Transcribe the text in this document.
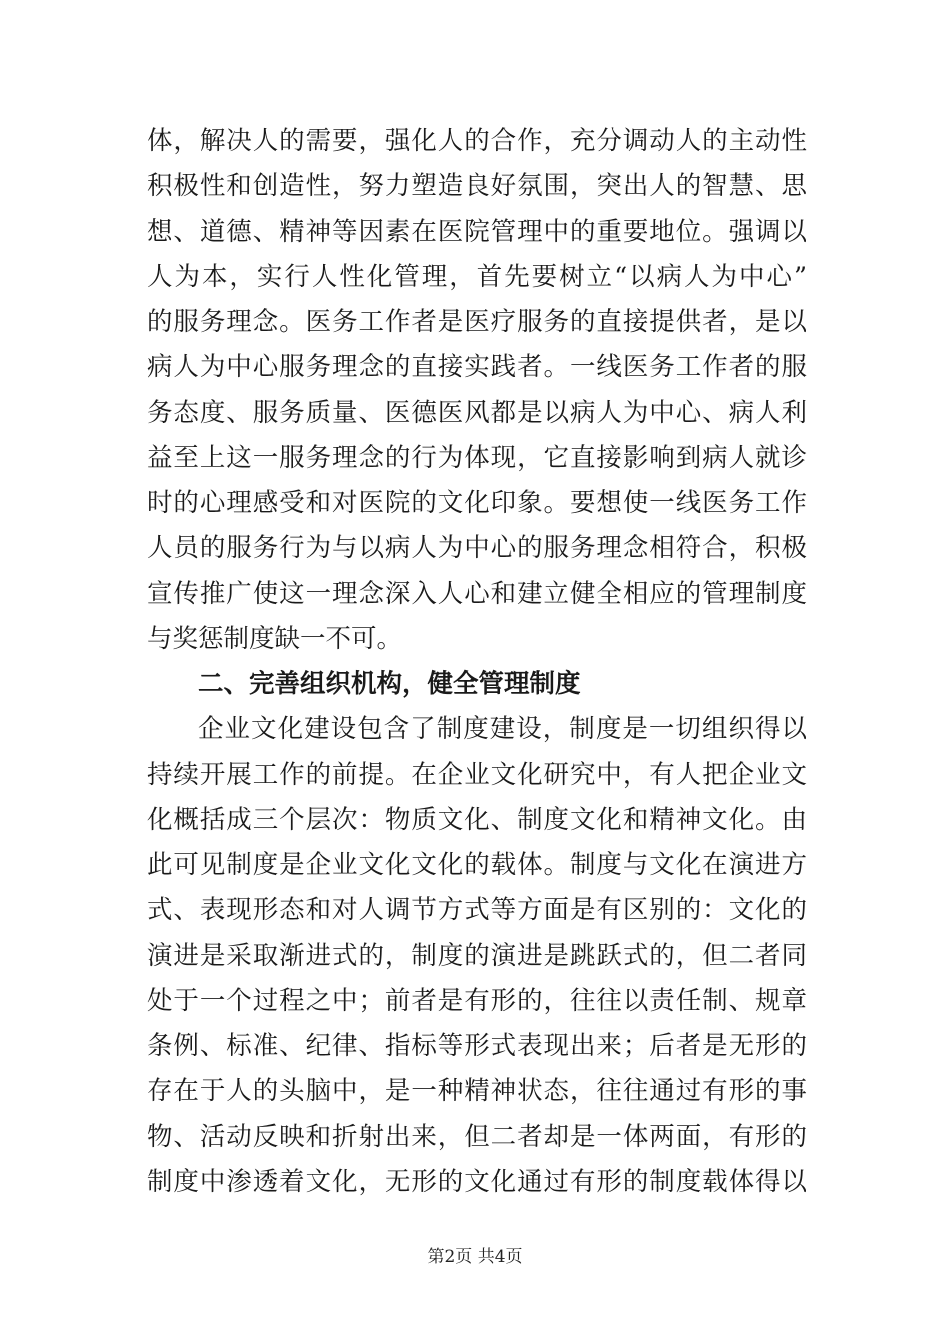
体，解决人的需要，强化人的合作，充分调动人的主动性
积极性和创造性，努力塑造良好氛围，突出人的智慧、思
想、道德、精神等因素在医院管理中的重要地位。强调以
人为本，实行人性化管理，首先要树立“以病人为中心”
的服务理念。医务工作者是医疗服务的直接提供者，是以
病人为中心服务理念的直接实践者。一线医务工作者的服
务态度、服务质量、医德医风都是以病人为中心、病人利
益至上这一服务理念的行为体现，它直接影响到病人就诊
时的心理感受和对医院的文化印象。要想使一线医务工作
人员的服务行为与以病人为中心的服务理念相符合，积极
宣传推广使这一理念深入人心和建立健全相应的管理制度
与奖惩制度缺一不可。
二、完善组织机构，健全管理制度
企业文化建设包含了制度建设，制度是一切组织得以
持续开展工作的前提。在企业文化研究中，有人把企业文
化概括成三个层次：物质文化、制度文化和精神文化。由
此可见制度是企业文化文化的载体。制度与文化在演进方
式、表现形态和对人调节方式等方面是有区别的：文化的
演进是采取渐进式的，制度的演进是跳跃式的，但二者同
处于一个过程之中；前者是有形的，往往以责任制、规章
条例、标准、纪律、指标等形式表现出来；后者是无形的
存在于人的头脑中，是一种精神状态，往往通过有形的事
物、活动反映和折射出来，但二者却是一体两面，有形的
制度中渗透着文化，无形的文化通过有形的制度载体得以
第2页 共4页
